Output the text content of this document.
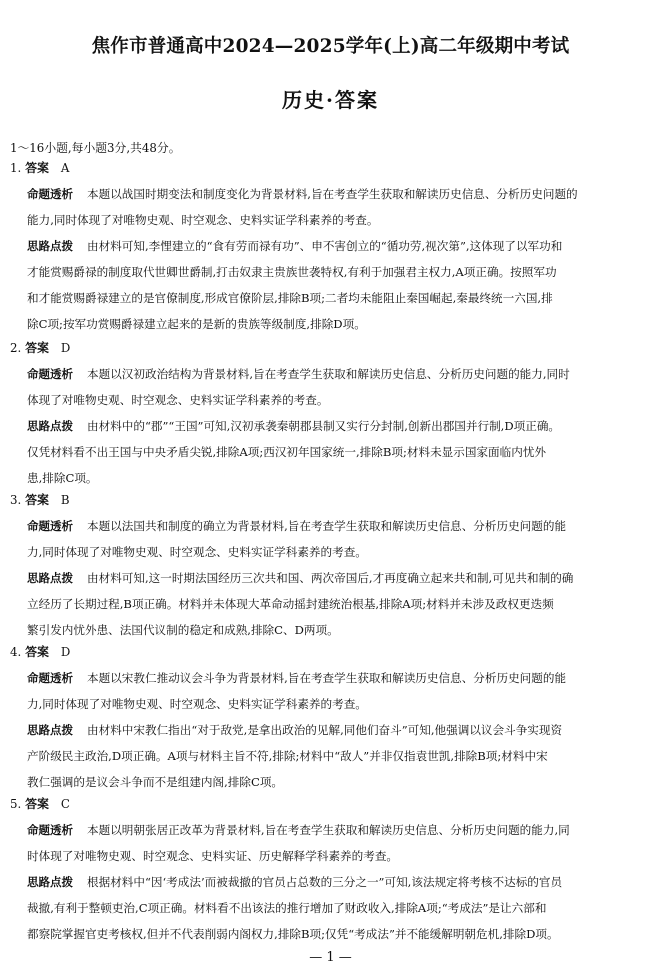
焦作市普通高中2024—2025学年(上)高二年级期中考试
历史·答案
1～16小题,每小题3分,共48分。
1. 答案 A
命题透析 本题以战国时期变法和制度变化为背景材料,旨在考查学生获取和解读历史信息、分析历史问题的
能力,同时体现了对唯物史观、时空观念、史料实证学科素养的考查。
思路点拨 由材料可知,李悝建立的“食有劳而禄有功”、申不害创立的“循功劳,视次第”,这体现了以军功和
才能赏赐爵禄的制度取代世卿世爵制,打击奴隶主贵族世袭特权,有利于加强君主权力,A项正确。按照军功
和才能赏赐爵禄建立的是官僚制度,形成官僚阶层,排除B项;二者均未能阻止秦国崛起,秦最终统一六国,排
除C项;按军功赏赐爵禄建立起来的是新的贵族等级制度,排除D项。
2. 答案 D
命题透析 本题以汉初政治结构为背景材料,旨在考查学生获取和解读历史信息、分析历史问题的能力,同时
体现了对唯物史观、时空观念、史料实证学科素养的考查。
思路点拨 由材料中的“郡”“王国”可知,汉初承袭秦朝郡县制又实行分封制,创新出郡国并行制,D项正确。
仅凭材料看不出王国与中央矛盾尖锐,排除A项;西汉初年国家统一,排除B项;材料未显示国家面临内忧外
患,排除C项。
3. 答案 B
命题透析 本题以法国共和制度的确立为背景材料,旨在考查学生获取和解读历史信息、分析历史问题的能
力,同时体现了对唯物史观、时空观念、史料实证学科素养的考查。
思路点拨 由材料可知,这一时期法国经历三次共和国、两次帝国后,才再度确立起来共和制,可见共和制的确
立经历了长期过程,B项正确。材料并未体现大革命动摇封建统治根基,排除A项;材料并未涉及政权更迭频
繁引发内忧外患、法国代议制的稳定和成熟,排除C、D两项。
4. 答案 D
命题透析 本题以宋教仁推动议会斗争为背景材料,旨在考查学生获取和解读历史信息、分析历史问题的能
力,同时体现了对唯物史观、时空观念、史料实证学科素养的考查。
思路点拨 由材料中宋教仁指出“对于敌党,是拿出政治的见解,同他们奋斗”可知,他强调以议会斗争实现资
产阶级民主政治,D项正确。A项与材料主旨不符,排除;材料中“敌人”并非仅指袁世凯,排除B项;材料中宋
教仁强调的是议会斗争而不是组建内阁,排除C项。
5. 答案 C
命题透析 本题以明朝张居正改革为背景材料,旨在考查学生获取和解读历史信息、分析历史问题的能力,同
时体现了对唯物史观、时空观念、史料实证、历史解释学科素养的考查。
思路点拨 根据材料中“因‘考成法’而被裁撤的官员占总数的三分之一”可知,该法规定将考核不达标的官员
裁撤,有利于整顿吏治,C项正确。材料看不出该法的推行增加了财政收入,排除A项;“考成法”是让六部和
都察院掌握官吏考核权,但并不代表削弱内阁权力,排除B项;仅凭“考成法”并不能缓解明朝危机,排除D项。
— 1 —
